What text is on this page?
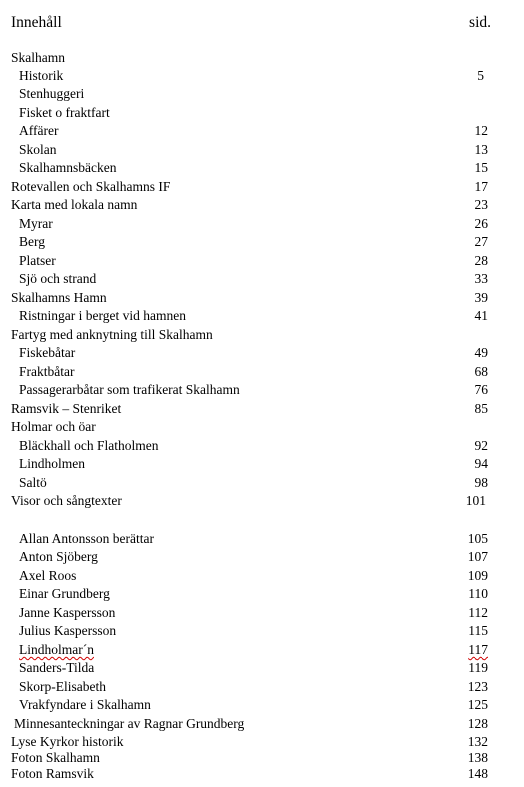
Innehåll	sid.
Skalhamn
Historik	5
Stenhuggeri
Fisket o fraktfart
Affärer	12
Skolan	13
Skalhamnsbäcken	15
Rotevallen och Skalhamns IF	17
Karta med lokala namn	23
Myrar	26
Berg	27
Platser	28
Sjö och strand	33
Skalhamns Hamn	39
Ristningar i berget vid hamnen	41
Fartyg med anknytning till Skalhamn
Fiskebåtar	49
Fraktbåtar	68
Passagerarbåtar som trafikerat Skalhamn	76
Ramsvik – Stenriket	85
Holmar och öar
Bläckhall och Flatholmen	92
Lindholmen	94
Saltö	98
Visor och sångtexter	101
Allan Antonsson berättar	105
Anton Sjöberg	107
Axel Roos	109
Einar Grundberg	110
Janne Kaspersson	112
Julius Kaspersson	115
Lindholmar´n	117
Sanders-Tilda	119
Skorp-Elisabeth	123
Vrakfyndare i Skalhamn	125
Minnesanteckningar av Ragnar Grundberg	128
Lyse Kyrkor historik	132
Foton Skalhamn	138
Foton Ramsvik	148
